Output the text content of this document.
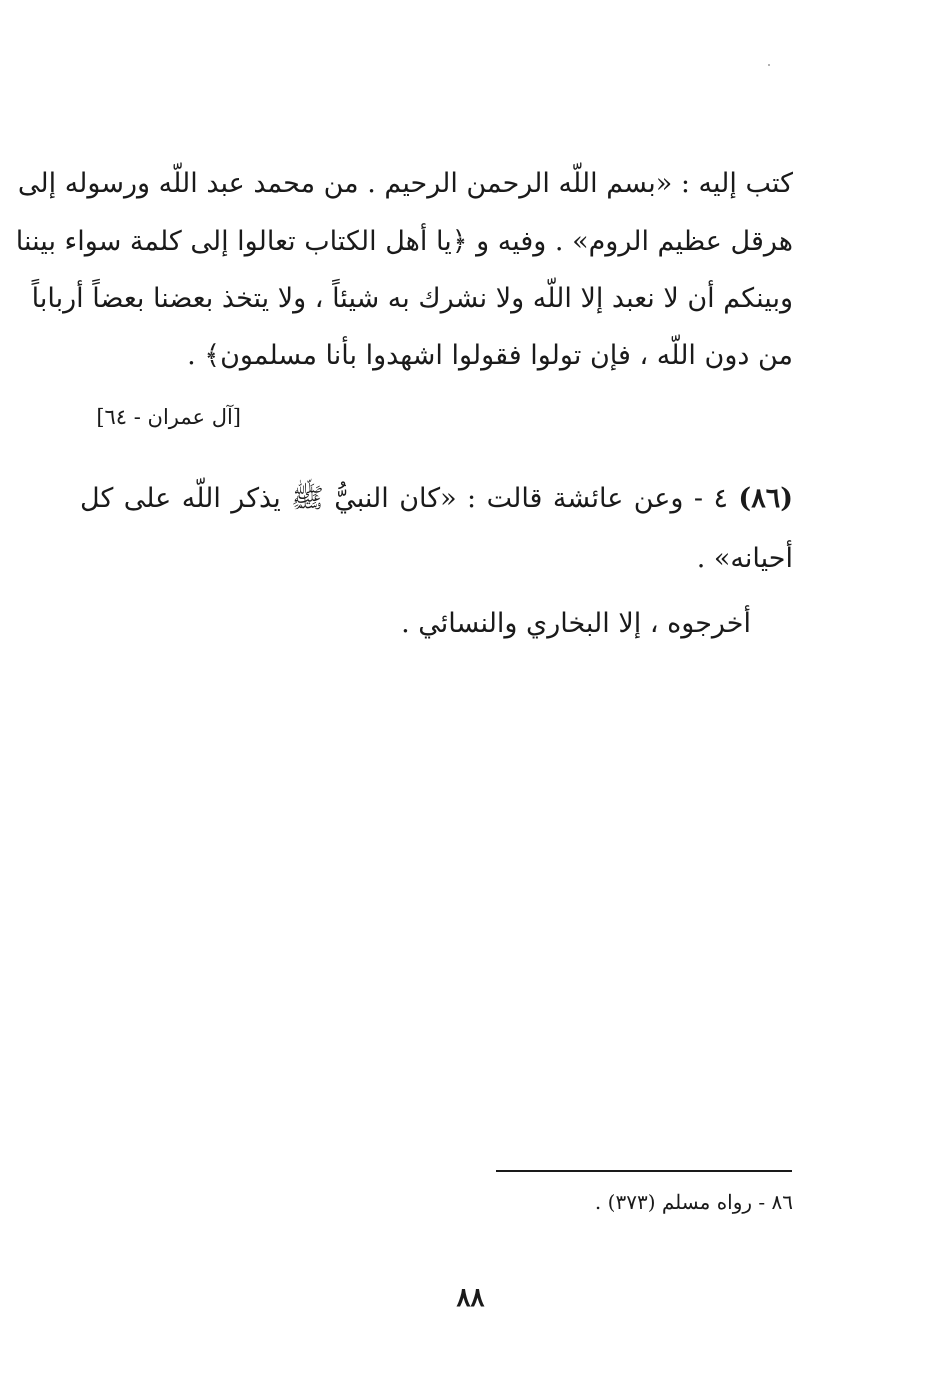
كتب إليه : «بسم اللّه الرحمن الرحيم . من محمد عبد اللّه ورسوله إلى
هرقل عظيم الروم» . وفيه و ﴿يا أهل الكتاب تعالوا إلى كلمة سواء بيننا
وبينكم أن لا نعبد إلا اللّه ولا نشرك به شيئاً ، ولا يتخذ بعضنا بعضاً أرباباً
من دون اللّه ، فإن تولوا فقولوا اشهدوا بأنا مسلمون﴾ .
[آل عمران - ٦٤]
(٨٦) ٤ - وعن عائشة قالت : «كان النبيُّ ﷺ يذكر اللّه على كل
أحيانه» .
أخرجوه ، إلا البخاري والنسائي .
٨٦ - رواه مسلم (٣٧٣) .
٨٨
